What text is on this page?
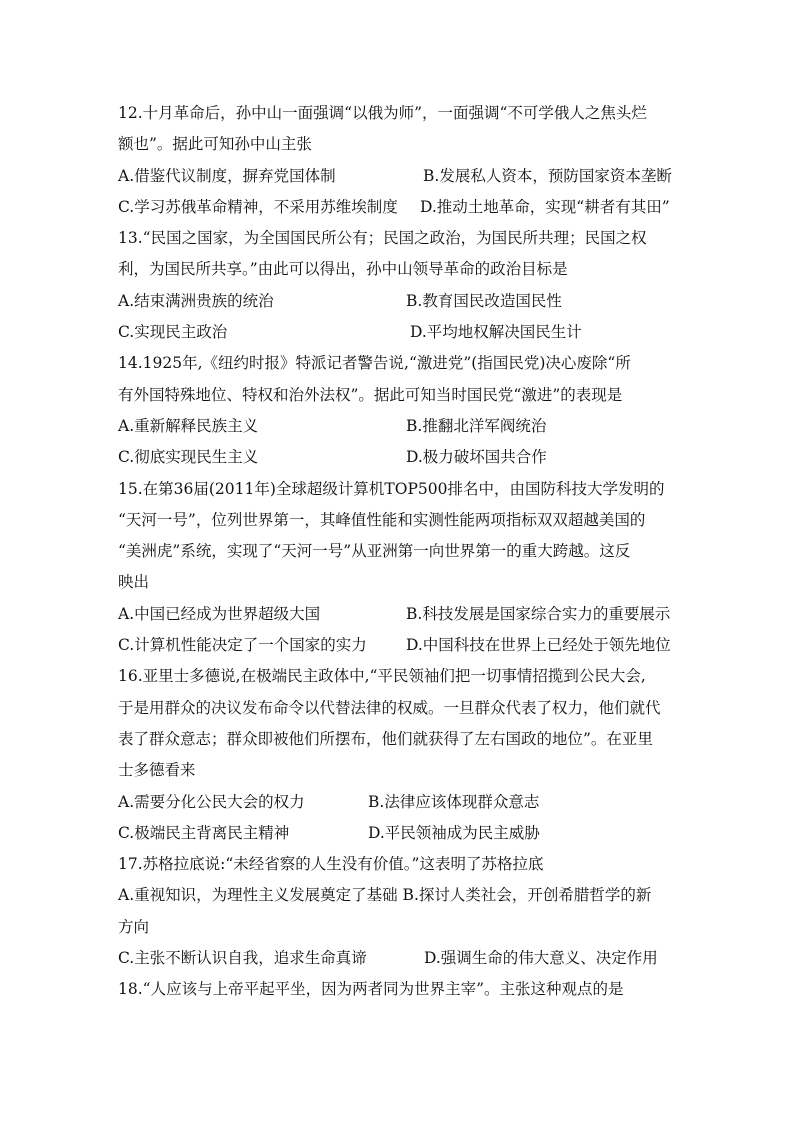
12.十月革命后，孙中山一面强调“以俄为师”，一面强调“不可学俄人之焦头烂
额也”。据此可知孙中山主张
A.借鉴代议制度，摒弃党国体制	B.发展私人资本，预防国家资本垄断
C.学习苏俄革命精神，不采用苏维埃制度	D.推动土地革命，实现“耕者有其田”
13.“民国之国家，为全国国民所公有；民国之政治，为国民所共理；民国之权
利，为国民所共享。”由此可以得出，孙中山领导革命的政治目标是
A.结束满洲贵族的统治	B.教育国民改造国民性
C.实现民主政治	D.平均地权解决国民生计
14.1925年,《纽约时报》特派记者警告说,“激进党”(指国民党)决心废除“所
有外国特殊地位、特权和治外法权”。据此可知当时国民党“激进”的表现是
A.重新解释民族主义	B.推翻北洋军阀统治
C.彻底实现民生主义	D.极力破坏国共合作
15.在第36届(2011年)全球超级计算机TOP500排名中，由国防科技大学发明的
“天河一号”，位列世界第一，其峰值性能和实测性能两项指标双双超越美国的
“美洲虎”系统，实现了“天河一号”从亚洲第一向世界第一的重大跨越。这反
映出
A.中国已经成为世界超级大国	B.科技发展是国家综合实力的重要展示
C.计算机性能决定了一个国家的实力	D.中国科技在世界上已经处于领先地位
16.亚里士多德说,在极端民主政体中,“平民领袖们把一切事情招揽到公民大会,
于是用群众的决议发布命令以代替法律的权威。一旦群众代表了权力，他们就代
表了群众意志；群众即被他们所摆布，他们就获得了左右国政的地位”。在亚里
士多德看来
A.需要分化公民大会的权力	B.法律应该体现群众意志
C.极端民主背离民主精神	D.平民领袖成为民主威胁
17.苏格拉底说:“未经省察的人生没有价值。”这表明了苏格拉底
A.重视知识，为理性主义发展奠定了基础 B.探讨人类社会，开创希腊哲学的新
方向
C.主张不断认识自我，追求生命真谛	D.强调生命的伟大意义、决定作用
18.“人应该与上帝平起平坐，因为两者同为世界主宰”。主张这种观点的是
